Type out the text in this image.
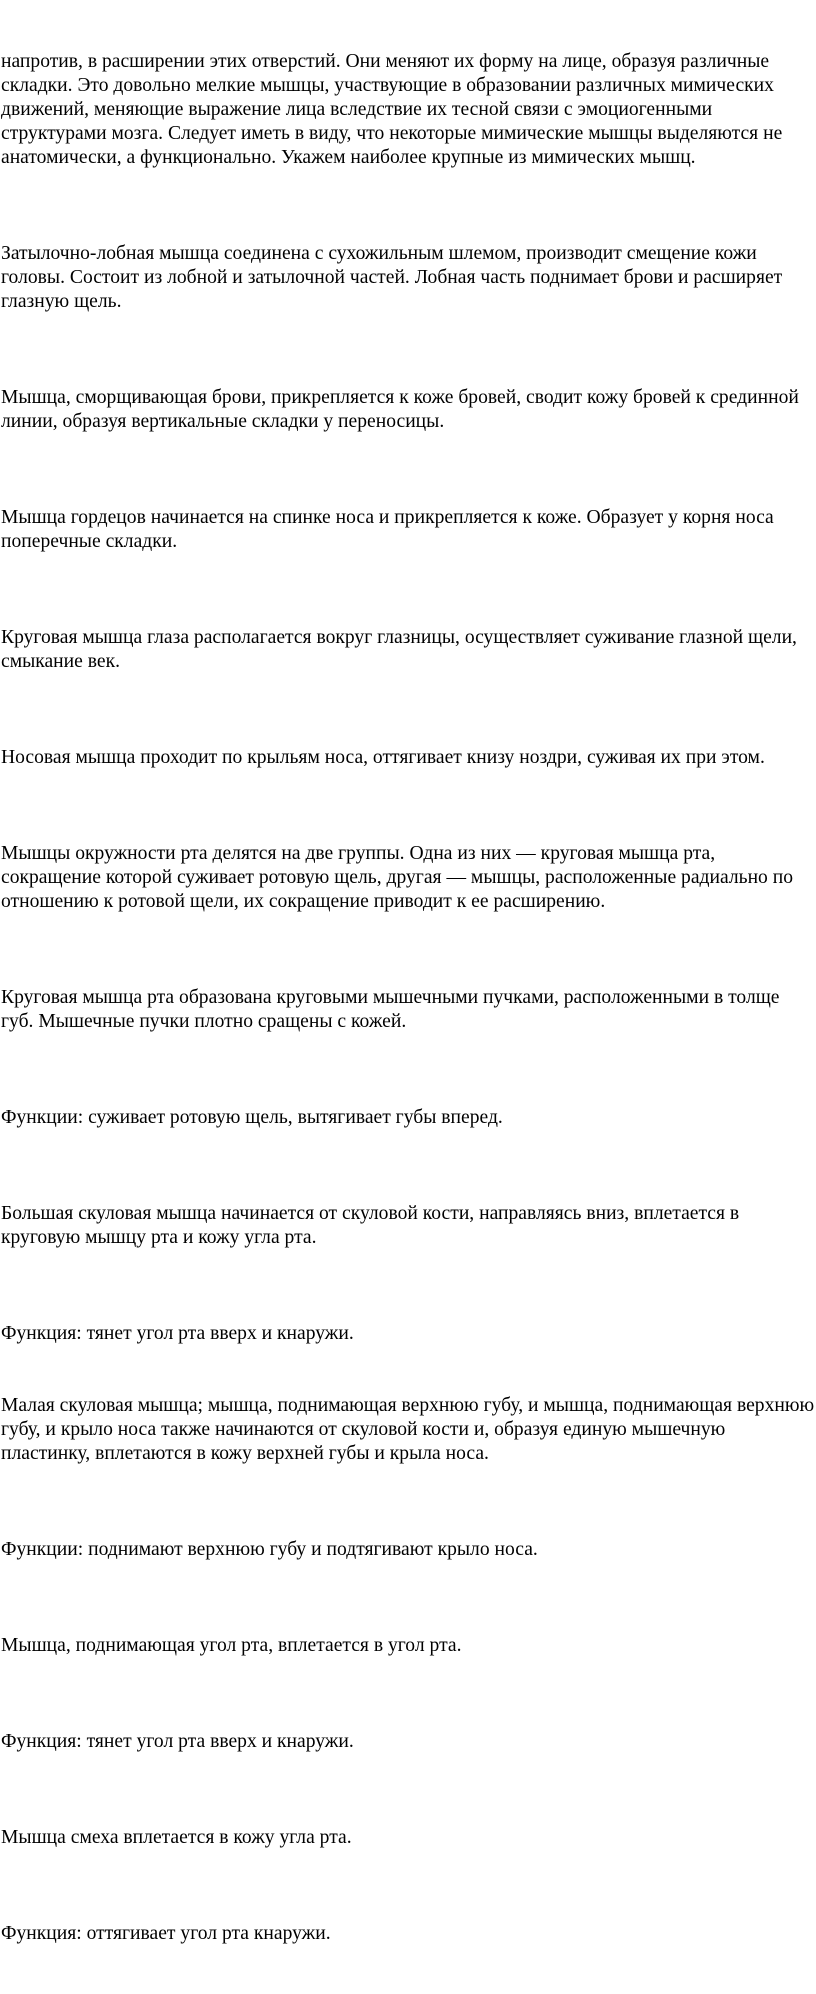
напротив, в расширении этих отверстий. Они меняют их форму на лице, образуя различные складки. Это довольно мелкие мышцы, участвующие в образовании различных мимических движений, меняющие выражение лица вследствие их тесной связи с эмоциогенными структурами мозга. Следует иметь в виду, что некоторые мимические мышцы выделяются не анатомически, а функционально. Укажем наиболее крупные из мимических мышц.

Затылочно-лобная мышца соединена с сухожильным шлемом, производит смещение кожи головы. Состоит из лобной и затылочной частей. Лобная часть поднимает брови и расширяет глазную щель.

Мышца, сморщивающая брови, прикрепляется к коже бровей, сводит кожу бровей к срединной линии, образуя вертикальные складки у переносицы.

Мышца гордецов начинается на спинке носа и прикрепляется к коже. Образует у корня носа поперечные складки.

Круговая мышца глаза располагается вокруг глазницы, осуществляет суживание глазной щели, смыкание век.

Носовая мышца проходит по крыльям носа, оттягивает книзу ноздри, суживая их при этом.

Мышцы окружности рта делятся на две группы. Одна из них — круговая мышца рта, сокращение которой суживает ротовую щель, другая — мышцы, расположенные радиально по отношению к ротовой щели, их сокращение приводит к ее расширению.

Круговая мышца рта образована круговыми мышечными пучками, расположенными в толще губ. Мышечные пучки плотно сращены с кожей.

Функции: суживает ротовую щель, вытягивает губы вперед.

Большая скуловая мышца начинается от скуловой кости, направляясь вниз, вплетается в круговую мышцу рта и кожу угла рта.

Функция: тянет угол рта вверх и кнаружи.

Малая скуловая мышца; мышца, поднимающая верхнюю губу, и мышца, поднимающая верхнюю губу, и крыло носа также начинаются от скуловой кости и, образуя единую мышечную пластинку, вплетаются в кожу верхней губы и крыла носа.

Функции: поднимают верхнюю губу и подтягивают крыло носа.

Мышца, поднимающая угол рта, вплетается в угол рта.

Функция: тянет угол рта вверх и кнаружи.

Мышца смеха вплетается в кожу угла рта.

Функция: оттягивает угол рта кнаружи.
